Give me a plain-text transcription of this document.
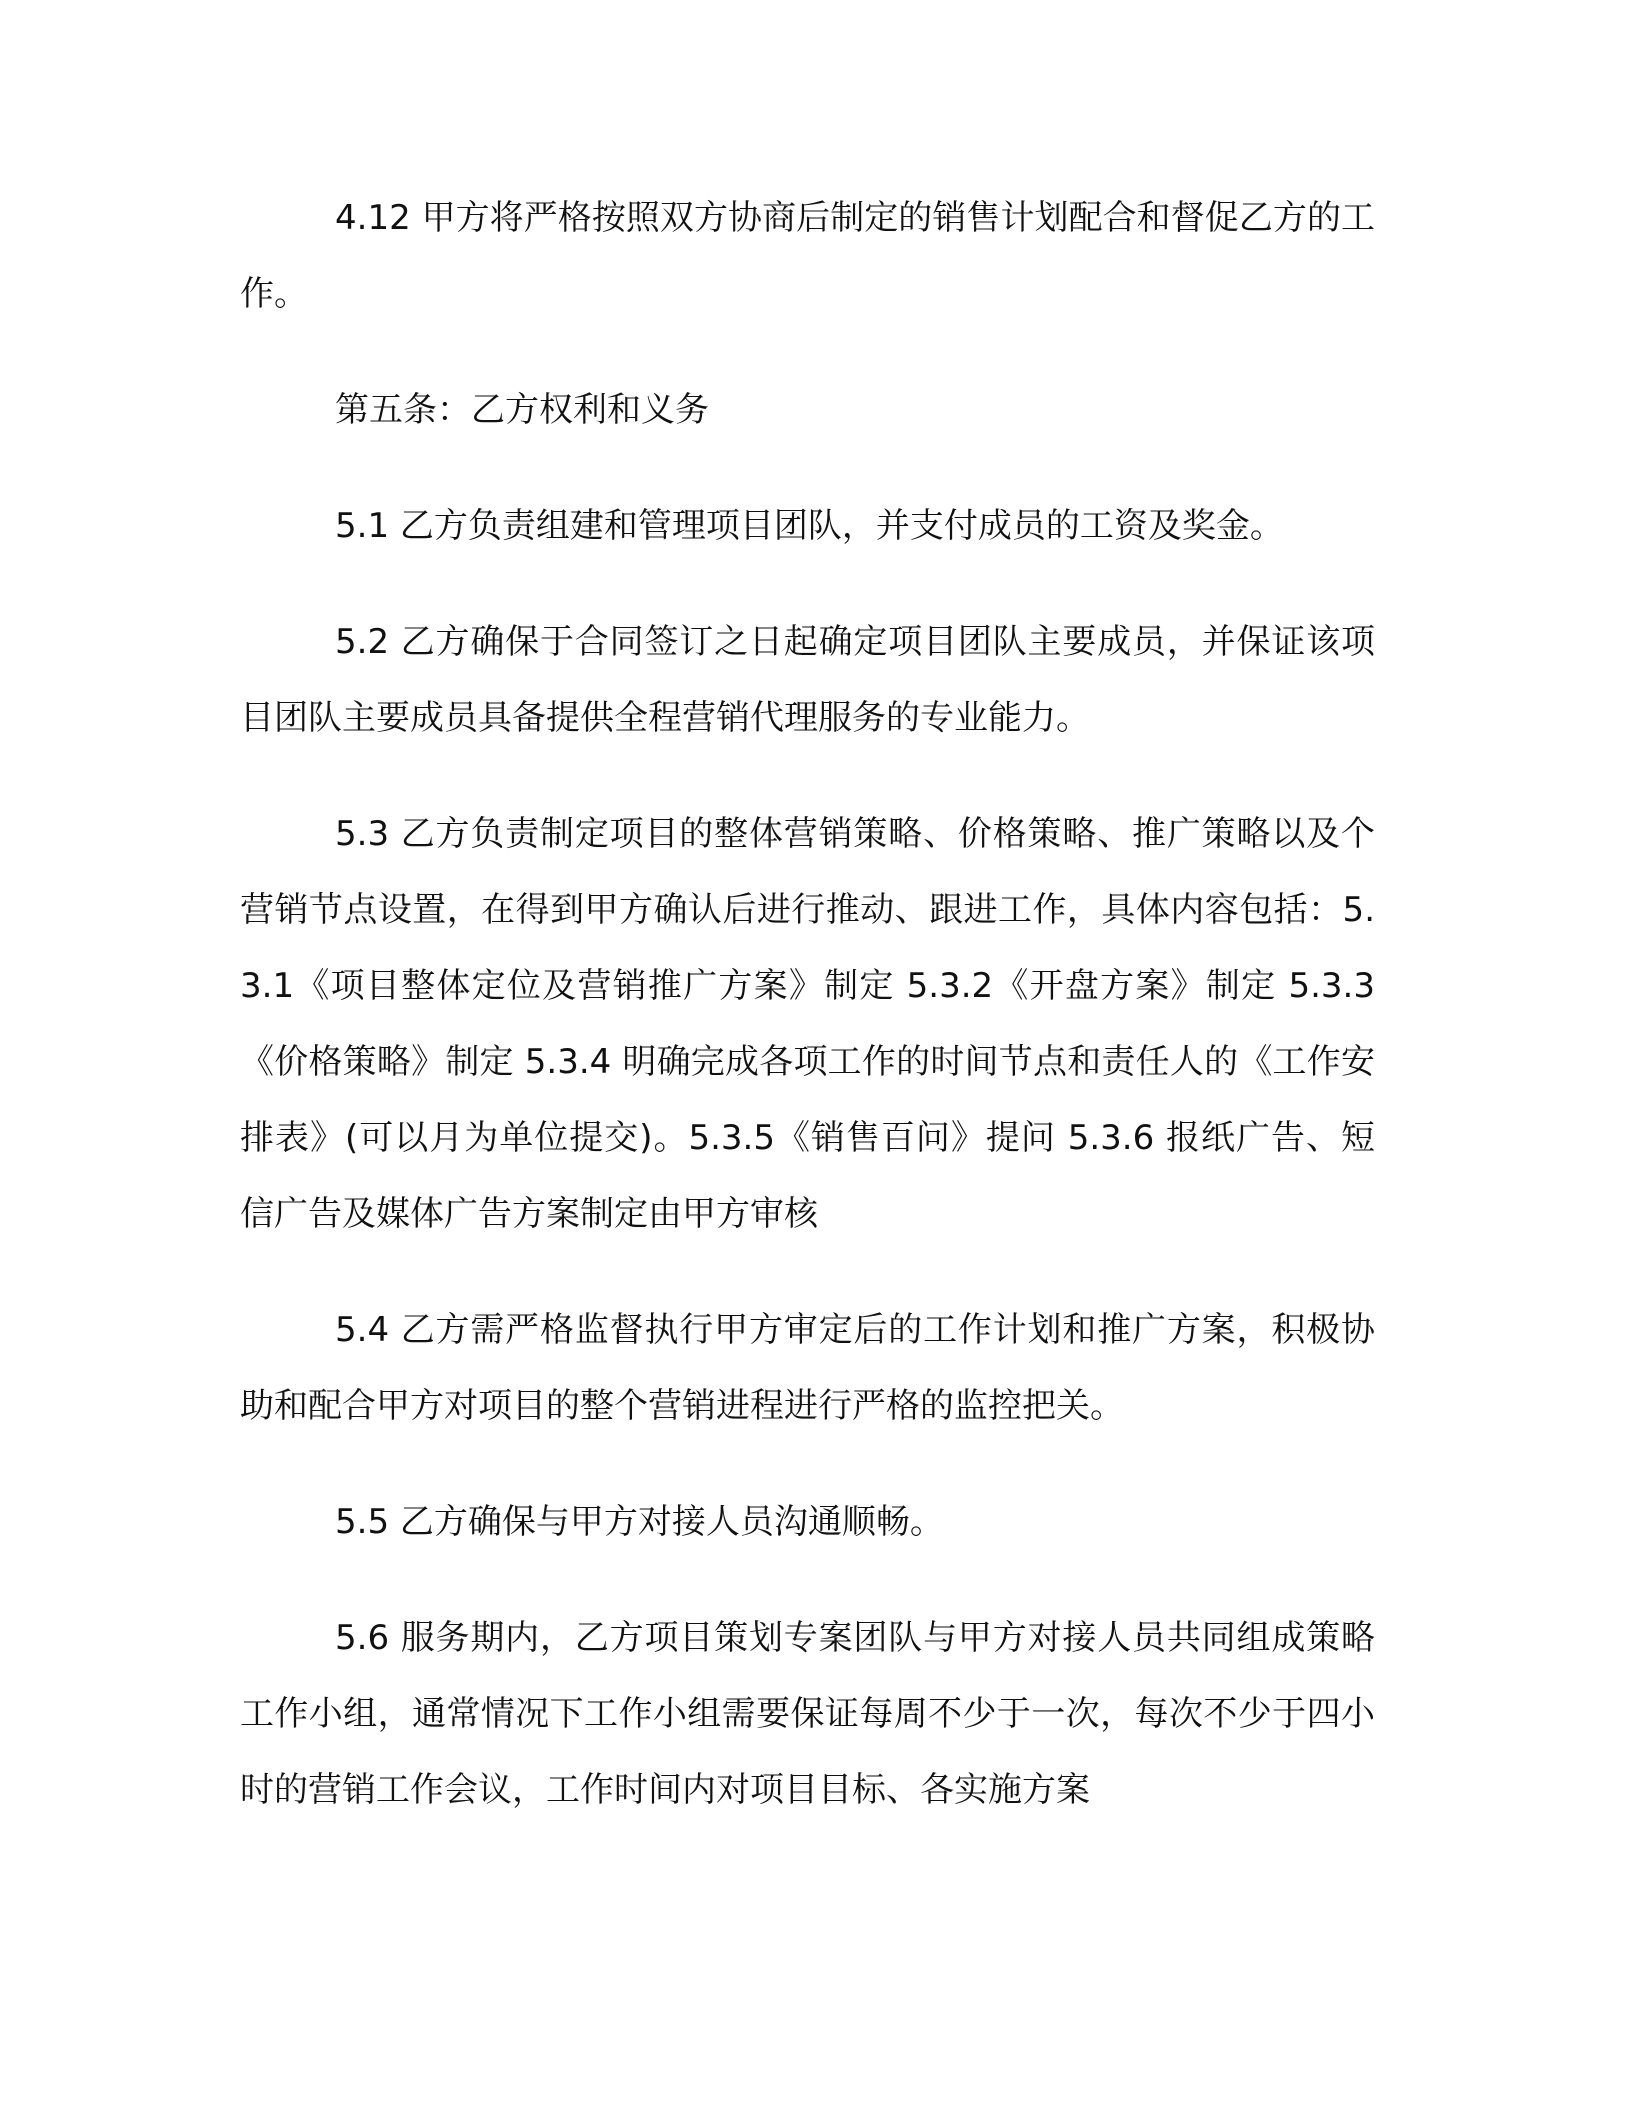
4.12 甲方将严格按照双方协商后制定的销售计划配合和督促乙方的工作。

第五条：乙方权利和义务

5.1 乙方负责组建和管理项目团队，并支付成员的工资及奖金。

5.2 乙方确保于合同签订之日起确定项目团队主要成员，并保证该项目团队主要成员具备提供全程营销代理服务的专业能力。

5.3 乙方负责制定项目的整体营销策略、价格策略、推广策略以及个营销节点设置，在得到甲方确认后进行推动、跟进工作，具体内容包括：5.3.1《项目整体定位及营销推广方案》制定 5.3.2《开盘方案》制定 5.3.3《价格策略》制定 5.3.4 明确完成各项工作的时间节点和责任人的《工作安排表》(可以月为单位提交)。5.3.5《销售百问》提问 5.3.6 报纸广告、短信广告及媒体广告方案制定由甲方审核

5.4 乙方需严格监督执行甲方审定后的工作计划和推广方案，积极协助和配合甲方对项目的整个营销进程进行严格的监控把关。

5.5 乙方确保与甲方对接人员沟通顺畅。

5.6 服务期内，乙方项目策划专案团队与甲方对接人员共同组成策略工作小组，通常情况下工作小组需要保证每周不少于一次，每次不少于四小时的营销工作会议，工作时间内对项目目标、各实施方案
